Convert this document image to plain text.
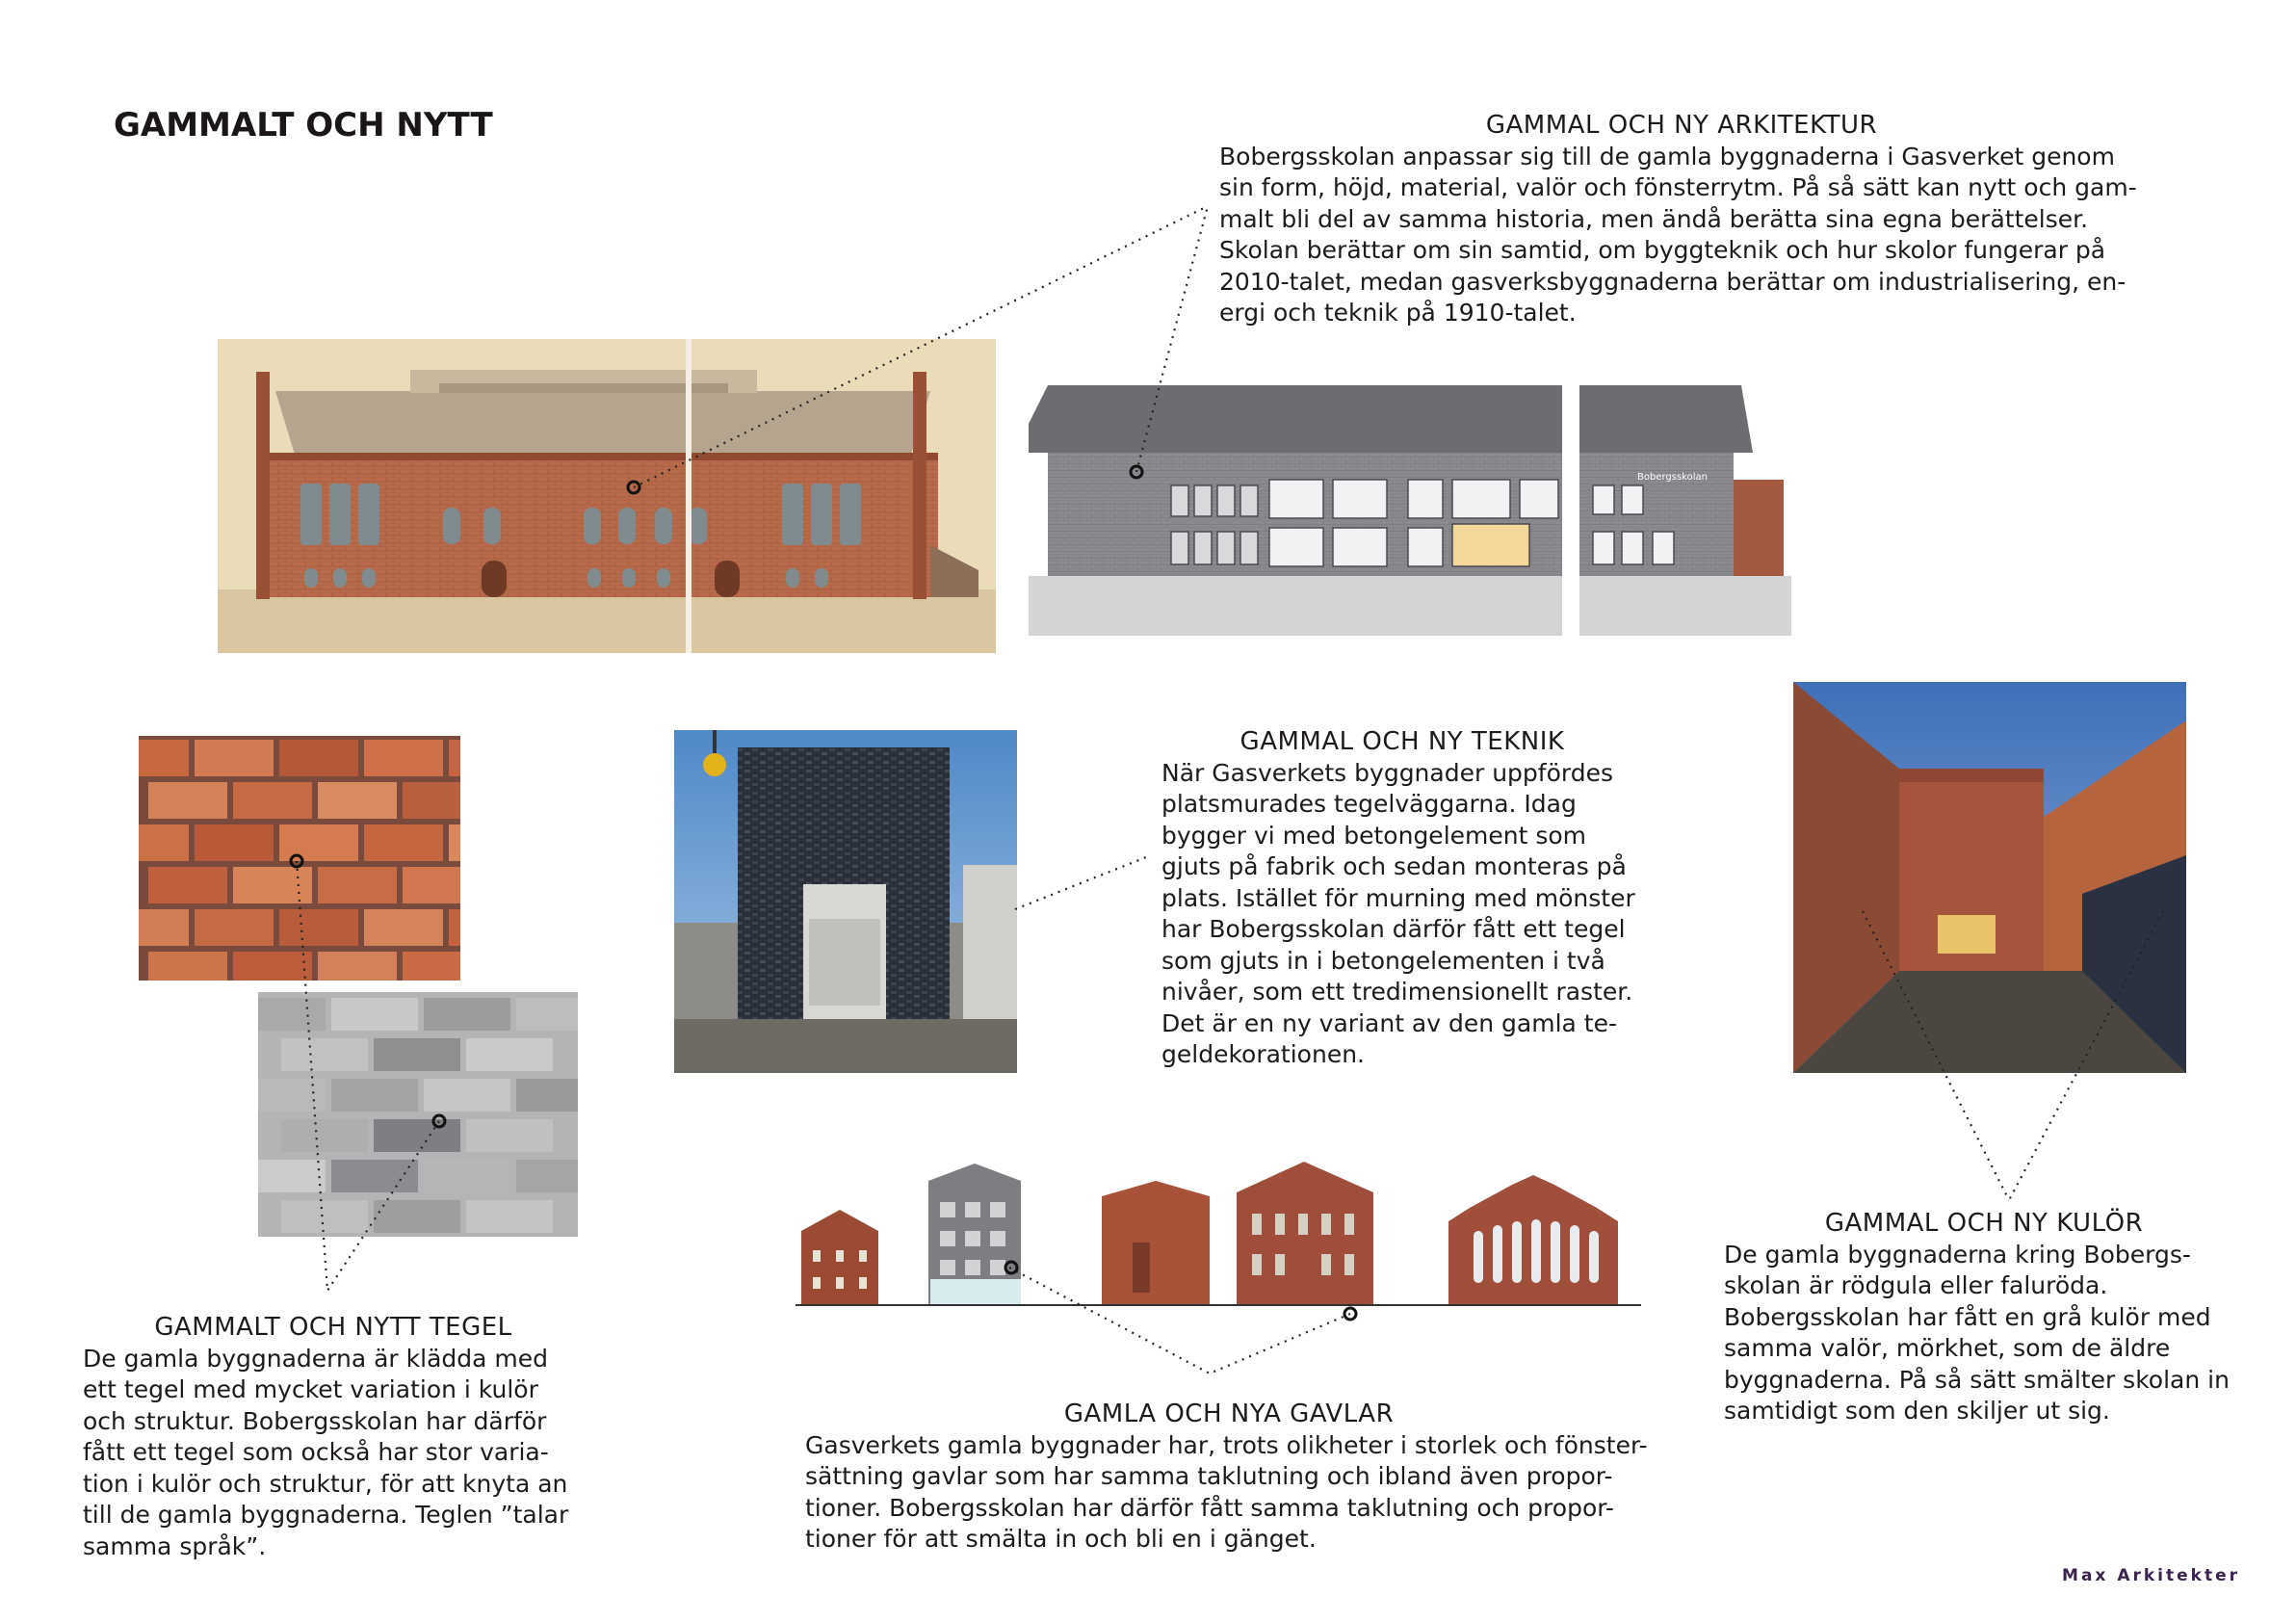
GAMMALT OCH NYTT	GAMMAL OCH NY ARKITEKTUR

Bobergsskolan anpassar sig till de gamla byggnaderna i Gasverket genom sin form, höjd, material, valör och fönsterrytm. På så sätt kan nytt och gam-malt bli del av samma historia, men ändå berätta sina egna berättelser. Skolan berättar om sin samtid, om byggteknik och hur skolor fungerar på 2010-talet, medan gasverksbyggnaderna berättar om industrialisering, en-ergi och teknik på 1910-talet.

GAMMAL OCH NY TEKNIK

När Gasverkets byggnader uppfördes platsmurades tegelväggarna. Idag bygger vi med betongelement som gjuts på fabrik och sedan monteras på plats. Istället för murning med mönster har Bobergsskolan därför fått ett tegel som gjuts in i betongelementen i två nivåer, som ett tredimensionellt raster. Det är en ny variant av den gamla te-geldekorationen.

GAMMAL OCH NY KULÖR

De gamla byggnaderna kring Bobergs-skolan är rödgula eller faluröda. Bobergsskolan har fått en grå kulör med samma valör, mörkhet, som de äldre byggnaderna. På så sätt smälter skolan in samtidigt som den skiljer ut sig.

GAMMALT OCH NYTT TEGEL

De gamla byggnaderna är klädda med ett tegel med mycket variation i kulör och struktur. Bobergsskolan har därför fått ett tegel som också har stor varia-tion i kulör och struktur, för att knyta an till de gamla byggnaderna. Teglen ”talar samma språk”.

GAMLA OCH NYA GAVLAR

Gasverkets gamla byggnader har, trots olikheter i storlek och fönster-sättning gavlar som har samma taklutning och ibland även propor-tioner. Bobergsskolan har därför fått samma taklutning och propor-tioner för att smälta in och bli en i gänget.

Max Arkitekter
Bobergsskolan
